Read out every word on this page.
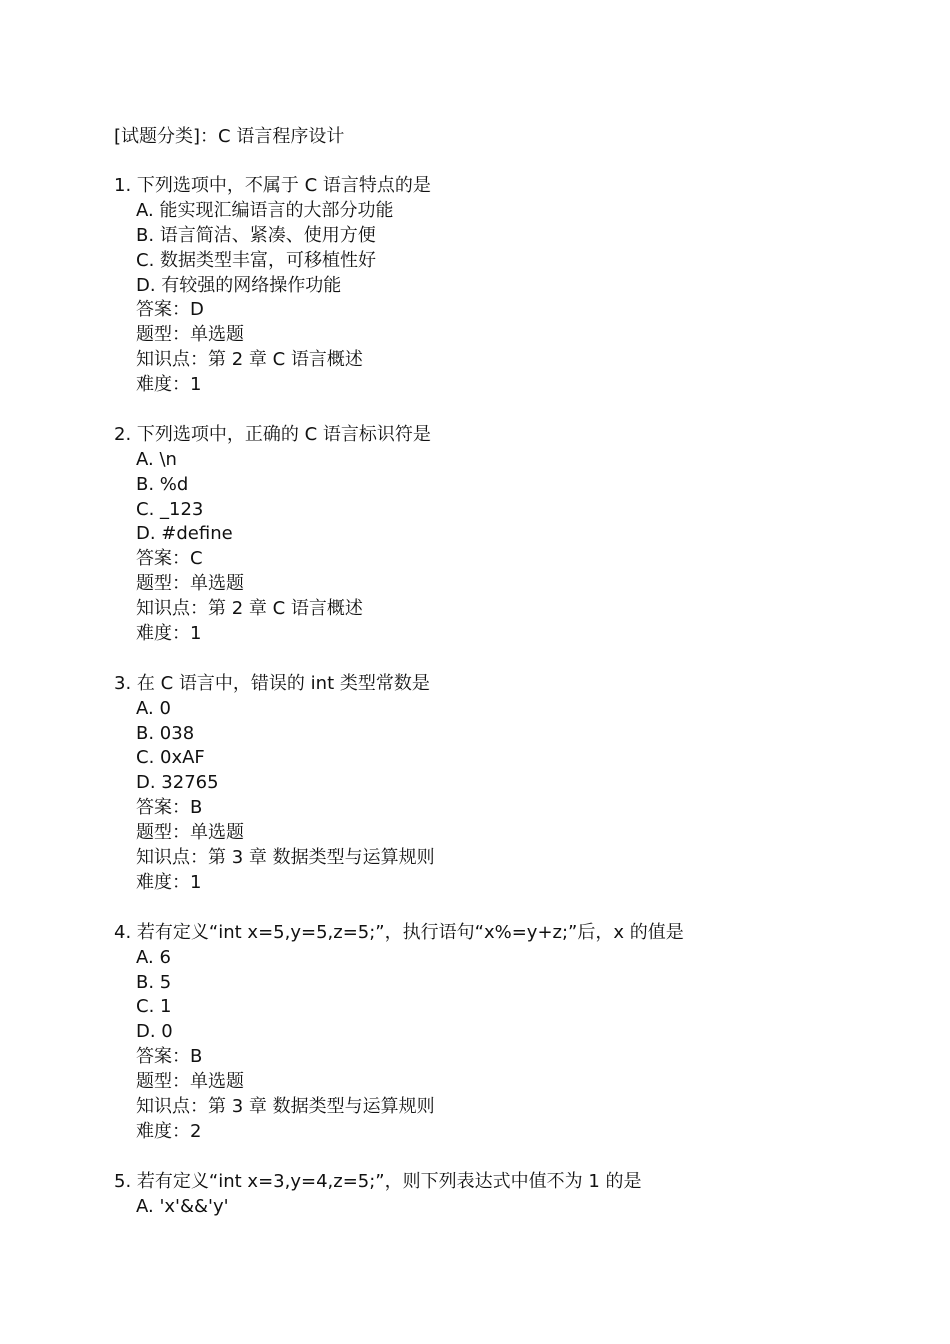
[试题分类]：C 语言程序设计
1. 下列选项中，不属于 C 语言特点的是
A. 能实现汇编语言的大部分功能
B. 语言简洁、紧凑、使用方便
C. 数据类型丰富，可移植性好
D. 有较强的网络操作功能
答案：D
题型：单选题
知识点：第 2 章 C 语言概述
难度：1
2. 下列选项中，正确的 C 语言标识符是
A. \n
B. %d
C. _123
D. #define
答案：C
题型：单选题
知识点：第 2 章 C 语言概述
难度：1
3. 在 C 语言中，错误的 int 类型常数是
A. 0
B. 038
C. 0xAF
D. 32765
答案：B
题型：单选题
知识点：第 3 章 数据类型与运算规则
难度：1
4. 若有定义“int x=5,y=5,z=5;”，执行语句“x%=y+z;”后，x 的值是
A. 6
B. 5
C. 1
D. 0
答案：B
题型：单选题
知识点：第 3 章 数据类型与运算规则
难度：2
5. 若有定义“int x=3,y=4,z=5;”，则下列表达式中值不为 1 的是
A. 'x'&&'y'
